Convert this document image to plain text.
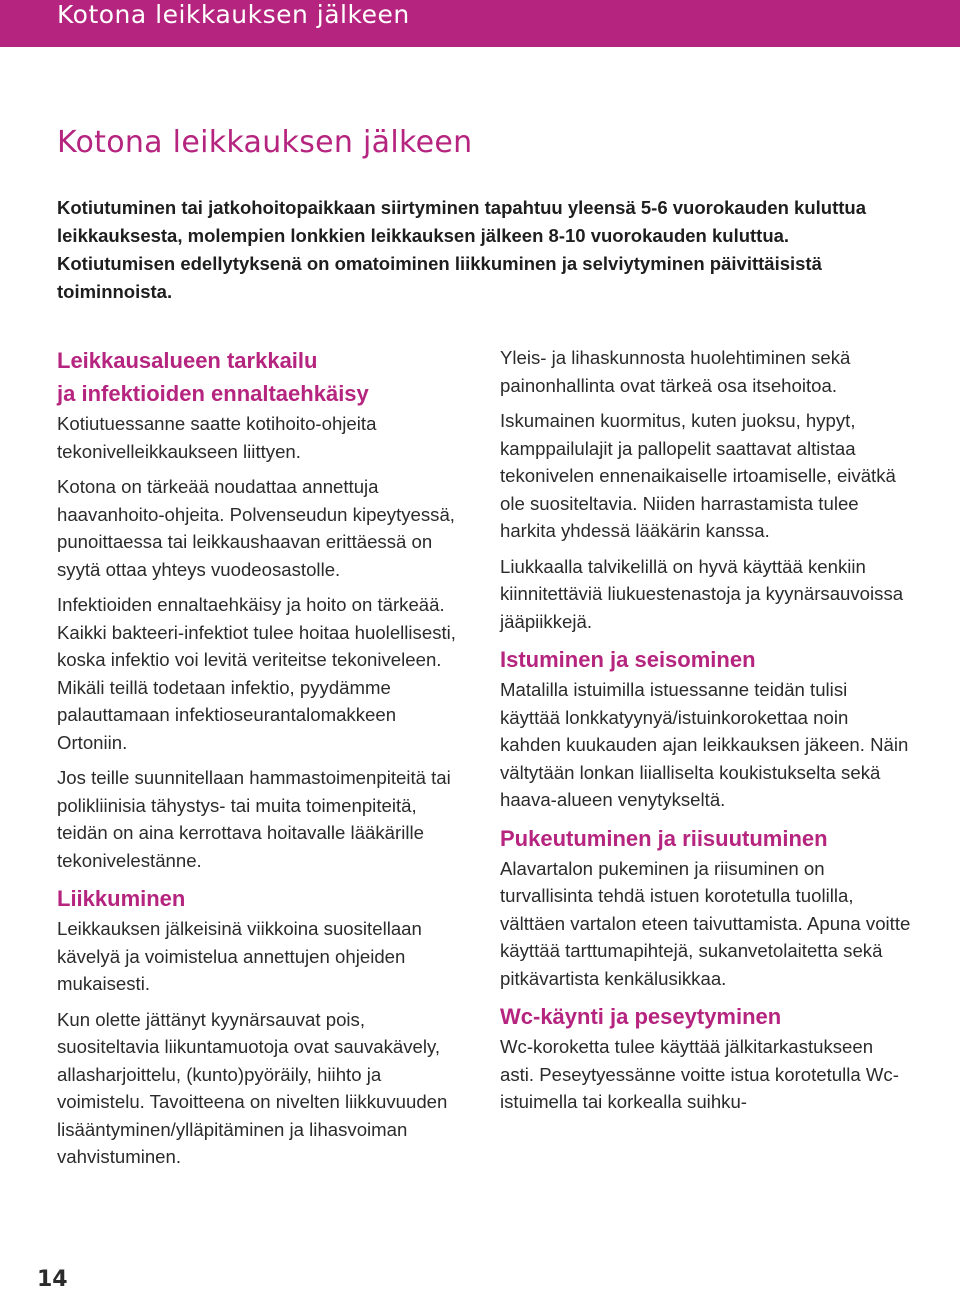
Kotona leikkauksen jälkeen
Kotona leikkauksen jälkeen

Kotiutuminen tai jatkohoitopaikkaan siirtyminen tapahtuu yleensä 5-6 vuorokauden kuluttua leikkauksesta, molempien lonkkien leikkauksen jälkeen 8-10 vuorokauden kuluttua. Kotiutumisen edellytyksenä on omatoiminen liikkuminen ja selviytyminen päivittäisistä toiminnoista.

Leikkausalueen tarkkailu
ja infektioiden ennaltaehkäisy

Kotiutuessanne saatte kotihoito-ohjeita tekonivelleikkaukseen liittyen.

Kotona on tärkeää noudattaa annettuja haavanhoito-ohjeita. Polvenseudun kipeytyessä, punoittaessa tai leikkaushaavan erittäessä on syytä ottaa yhteys vuodeosastolle.

Infektioiden ennaltaehkäisy ja hoito on tärkeää. Kaikki bakteeri-infektiot tulee hoitaa huolellisesti, koska infektio voi levitä veriteitse tekoniveleen. Mikäli teillä todetaan infektio, pyydämme palauttamaan infektioseurantalomakkeen Ortoniin.

Jos teille suunnitellaan hammastoimenpiteitä tai polikliinisia tähystys- tai muita toimenpiteitä, teidän on aina kerrottava hoitavalle lääkärille tekonivelestänne.

Liikkuminen

Leikkauksen jälkeisinä viikkoina suositellaan kävelyä ja voimistelua annettujen ohjeiden mukaisesti.

Kun olette jättänyt kyynärsauvat pois, suositeltavia liikuntamuotoja ovat sauvakävely, allasharjoittelu, (kunto)pyöräily, hiihto ja voimistelu. Tavoitteena on nivelten liikkuvuuden lisääntyminen/ylläpitäminen ja lihasvoiman vahvistuminen.

Yleis- ja lihaskunnosta huolehtiminen sekä painonhallinta ovat tärkeä osa itsehoitoa.

Iskumainen kuormitus, kuten juoksu, hypyt, kamppailulajit ja pallopelit saattavat altistaa tekonivelen ennenaikaiselle irtoamiselle, eivätkä ole suositeltavia. Niiden harrastamista tulee harkita yhdessä lääkärin kanssa.

Liukkaalla talvikelillä on hyvä käyttää kenkiin kiinnitettäviä liukuestenastoja ja kyynärsauvoissa jääpiikkejä.

Istuminen ja seisominen

Matalilla istuimilla istuessanne teidän tulisi käyttää lonkkatyynyä/istuinkorokettaa noin kahden kuukauden ajan leikkauksen jäkeen. Näin vältytään lonkan liialliselta koukistukselta sekä haava-alueen venytykseltä.

Pukeutuminen ja riisuutuminen

Alavartalon pukeminen ja riisuminen on turvallisinta tehdä istuen korotetulla tuolilla, välttäen vartalon eteen taivuttamista. Apuna voitte käyttää tarttumapihtejä, sukanvetolaitetta sekä pitkävartista kenkälusikkaa.

Wc-käynti ja peseytyminen

Wc-koroketta tulee käyttää jälkitarkastukseen asti. Peseytyessänne voitte istua korotetulla Wc-istuimella tai korkealla suihku-

14
